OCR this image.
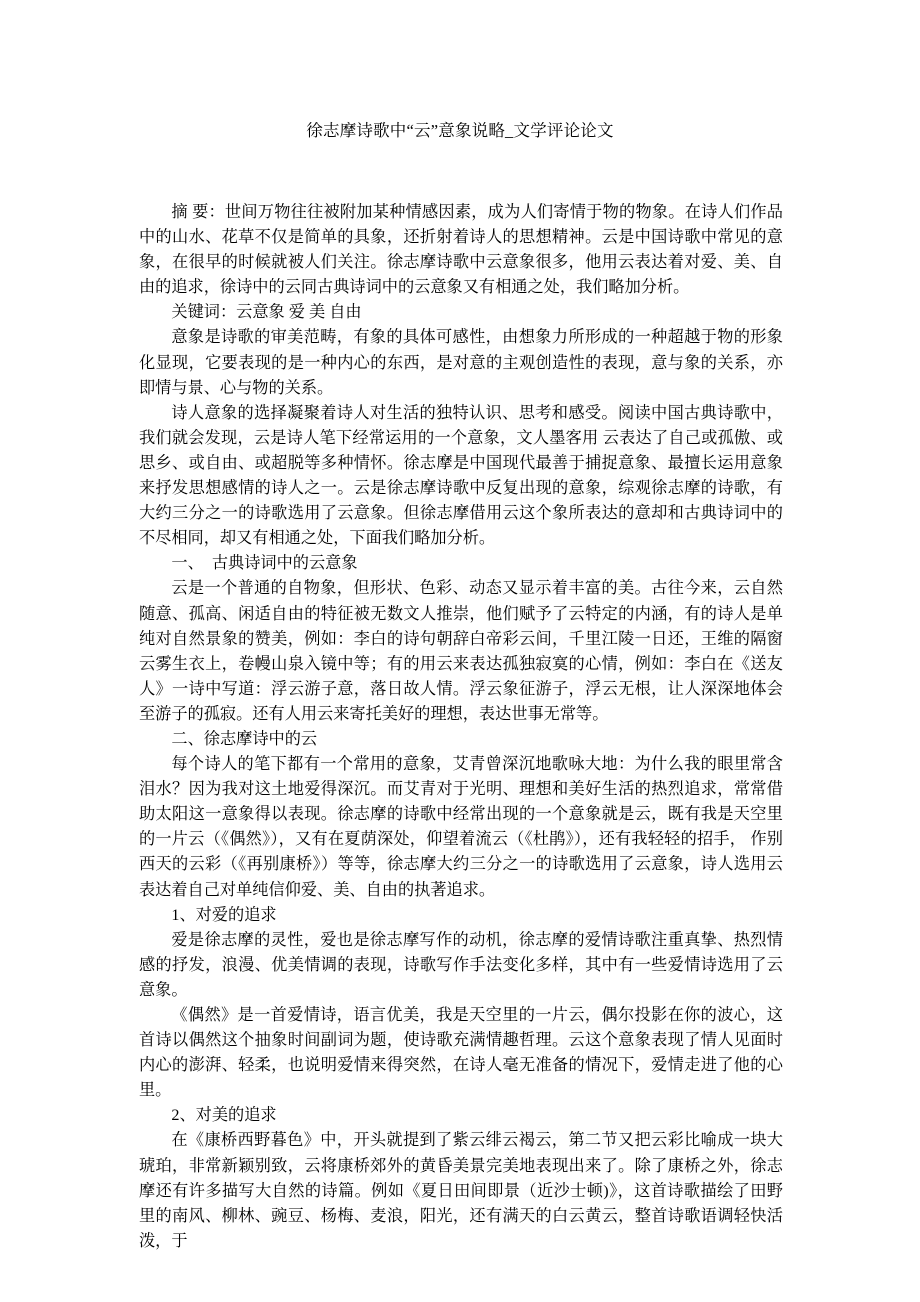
徐志摩诗歌中“云”意象说略_文学评论论文

摘 要：世间万物往往被附加某种情感因素，成为人们寄情于物的物象。在诗人们作品中的山水、花草不仅是简单的具象，还折射着诗人的思想精神。云是中国诗歌中常见的意象，在很早的时候就被人们关注。徐志摩诗歌中云意象很多，他用云表达着对爱、美、自由的追求，徐诗中的云同古典诗词中的云意象又有相通之处，我们略加分析。

关键词：云意象 爱 美 自由

意象是诗歌的审美范畴，有象的具体可感性，由想象力所形成的一种超越于物的形象化显现，它要表现的是一种内心的东西，是对意的主观创造性的表现，意与象的关系，亦即情与景、心与物的关系。

诗人意象的选择凝聚着诗人对生活的独特认识、思考和感受。阅读中国古典诗歌中，我们就会发现，云是诗人笔下经常运用的一个意象，文人墨客用 云表达了自己或孤傲、或思乡、或自由、或超脱等多种情怀。徐志摩是中国现代最善于捕捉意象、最擅长运用意象来抒发思想感情的诗人之一。云是徐志摩诗歌中反复出现的意象，综观徐志摩的诗歌，有大约三分之一的诗歌选用了云意象。但徐志摩借用云这个象所表达的意却和古典诗词中的不尽相同，却又有相通之处，下面我们略加分析。

一、　古典诗词中的云意象

云是一个普通的自物象，但形状、色彩、动态又显示着丰富的美。古往今来，云自然随意、孤高、闲适自由的特征被无数文人推崇，他们赋予了云特定的内涵，有的诗人是单纯对自然景象的赞美，例如：李白的诗句朝辞白帝彩云间，千里江陵一日还，王维的隔窗云雾生衣上，卷幔山泉入镜中等；有的用云来表达孤独寂寞的心情，例如：李白在《送友人》一诗中写道：浮云游子意，落日故人情。浮云象征游子，浮云无根，让人深深地体会至游子的孤寂。还有人用云来寄托美好的理想，表达世事无常等。

二、徐志摩诗中的云

每个诗人的笔下都有一个常用的意象，艾青曾深沉地歌咏大地：为什么我的眼里常含泪水？因为我对这土地爱得深沉。而艾青对于光明、理想和美好生活的热烈追求，常常借助太阳这一意象得以表现。徐志摩的诗歌中经常出现的一个意象就是云，既有我是天空里的一片云（《偶然》），又有在夏荫深处，仰望着流云（《杜鹃》），还有我轻轻的招手， 作别西天的云彩（《再别康桥》）等等，徐志摩大约三分之一的诗歌选用了云意象，诗人选用云表达着自己对单纯信仰爱、美、自由的执著追求。

1、对爱的追求

爱是徐志摩的灵性，爱也是徐志摩写作的动机，徐志摩的爱情诗歌注重真挚、热烈情感的抒发，浪漫、优美情调的表现，诗歌写作手法变化多样，其中有一些爱情诗选用了云意象。

《偶然》是一首爱情诗，语言优美，我是天空里的一片云，偶尔投影在你的波心，这首诗以偶然这个抽象时间副词为题，使诗歌充满情趣哲理。云这个意象表现了情人见面时内心的澎湃、轻柔，也说明爱情来得突然，在诗人毫无准备的情况下，爱情走进了他的心里。

2、对美的追求

在《康桥西野暮色》中，开头就提到了紫云绯云褐云，第二节又把云彩比喻成一块大琥珀，非常新颖别致，云将康桥郊外的黄昏美景完美地表现出来了。除了康桥之外，徐志摩还有许多描写大自然的诗篇。例如《夏日田间即景（近沙士顿)》，这首诗歌描绘了田野里的南风、柳林、豌豆、杨梅、麦浪，阳光，还有满天的白云黄云，整首诗歌语调轻快活泼，于
